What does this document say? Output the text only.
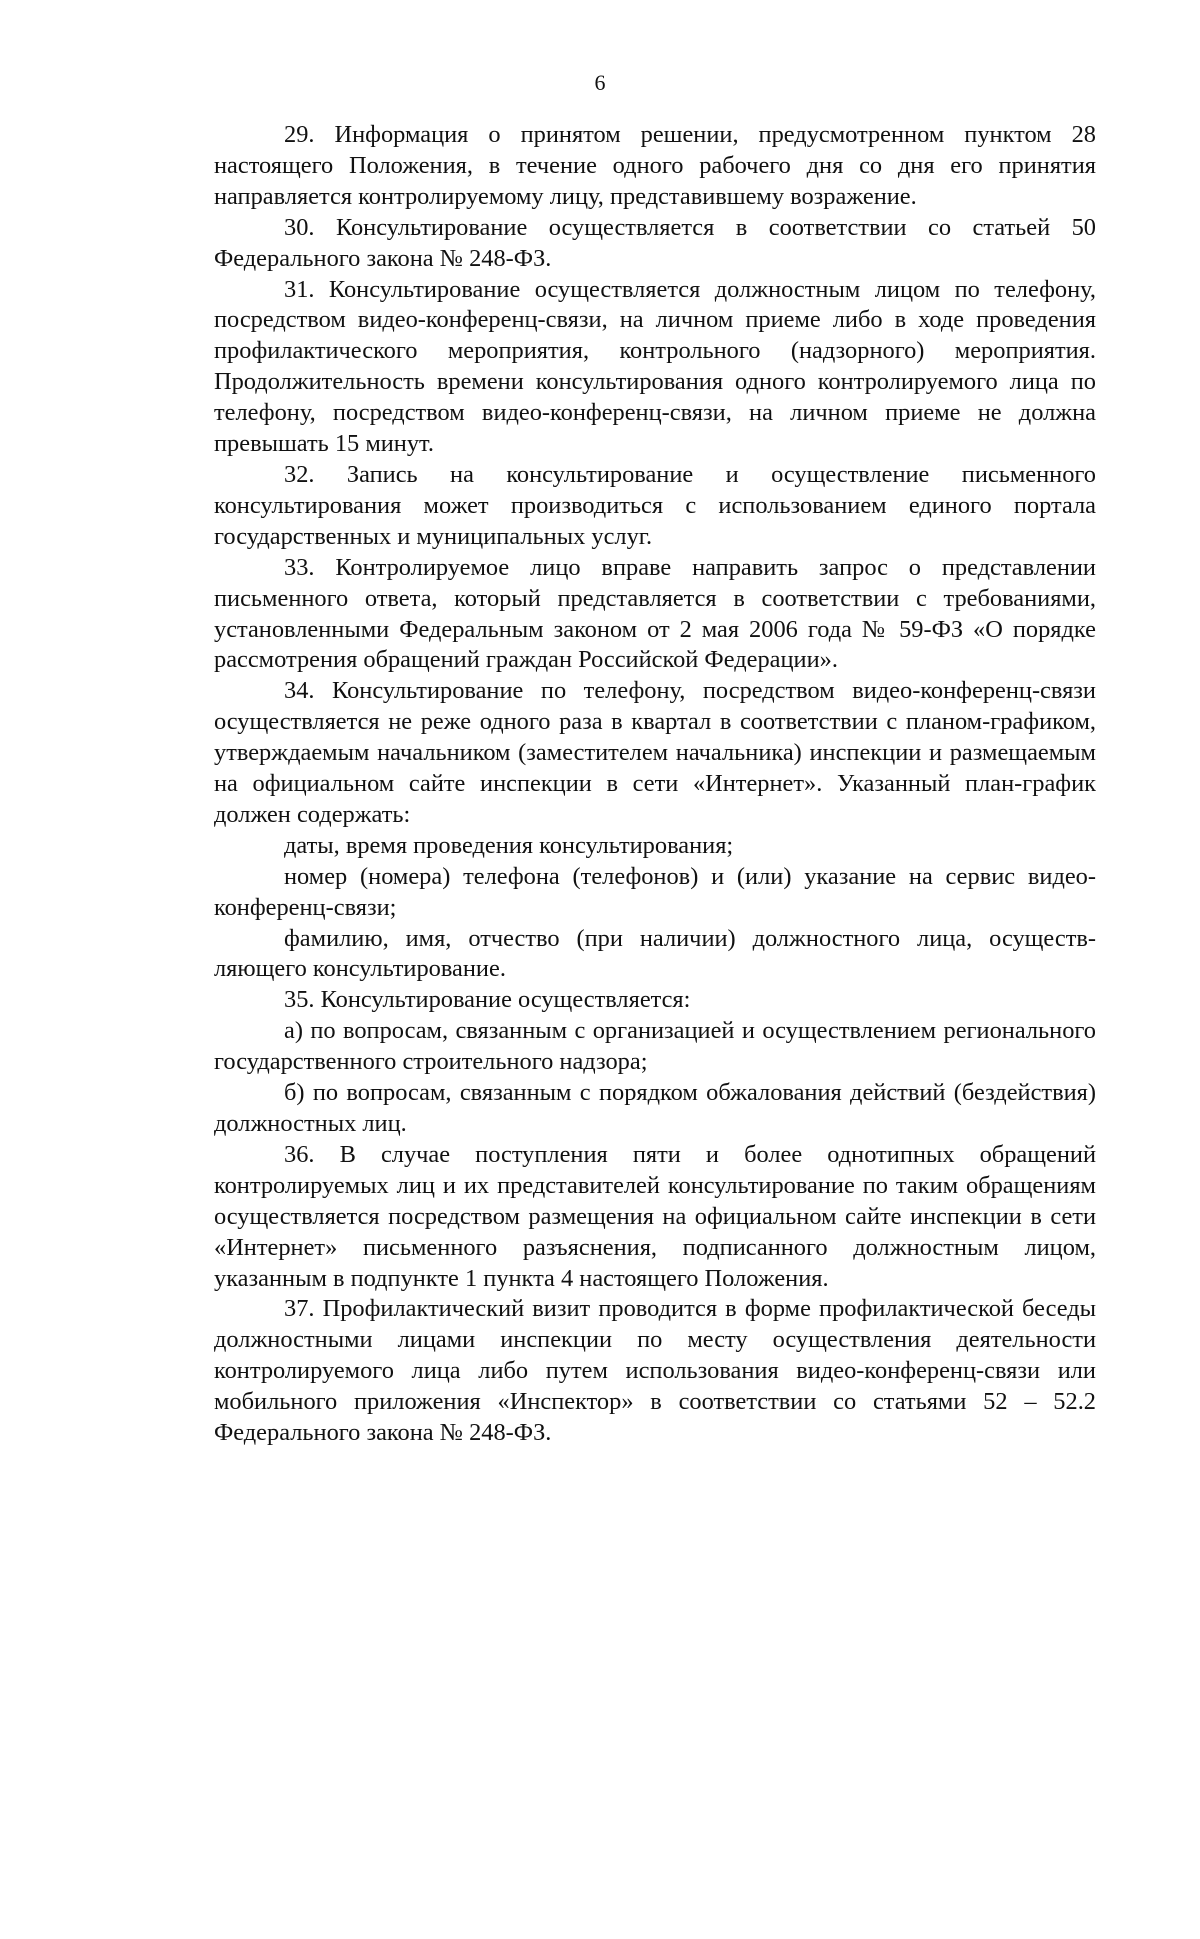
6

29. Информация о принятом решении, предусмотренном пунктом 28 настоящего Положения, в течение одного рабочего дня со дня его принятия направляется контролируемому лицу, представившему возражение.

30. Консультирование осуществляется в соответствии со статьей 50 Федерального закона № 248-ФЗ.

31. Консультирование осуществляется должностным лицом по телефону, посредством видео-конференц-связи, на личном приеме либо в ходе проведения профилактического мероприятия, контрольного (надзорного) мероприятия. Продолжительность времени консультирования одного контролируемого лица по телефону, посредством видео-конференц-связи, на личном приеме не должна превышать 15 минут.

32. Запись на консультирование и осуществление письменного консультирования может производиться с использованием единого портала государственных и муниципальных услуг.

33. Контролируемое лицо вправе направить запрос о представлении письменного ответа, который представляется в соответствии с требованиями, установленными Федеральным законом от 2 мая 2006 года № 59-ФЗ «О порядке рассмотрения обращений граждан Российской Федерации».

34. Консультирование по телефону, посредством видео-конференц-связи осуществляется не реже одного раза в квартал в соответствии с планом-графиком, утверждаемым начальником (заместителем начальника) инспекции и размещаемым на официальном сайте инспекции в сети «Интернет». Указанный план-график должен содержать:

даты, время проведения консультирования;

номер (номера) телефона (телефонов) и (или) указание на сервис видео-конференц-связи;

фамилию, имя, отчество (при наличии) должностного лица, осуществляющего консультирование.

35. Консультирование осуществляется:

а) по вопросам, связанным с организацией и осуществлением регионального государственного строительного надзора;

б) по вопросам, связанным с порядком обжалования действий (бездействия) должностных лиц.

36. В случае поступления пяти и более однотипных обращений контролируемых лиц и их представителей консультирование по таким обращениям осуществляется посредством размещения на официальном сайте инспекции в сети «Интернет» письменного разъяснения, подписанного должностным лицом, указанным в подпункте 1 пункта 4 настоящего Положения.

37. Профилактический визит проводится в форме профилактической беседы должностными лицами инспекции по месту осуществления деятельности контролируемого лица либо путем использования видео-конференц-связи или мобильного приложения «Инспектор» в соответствии со статьями 52 – 52.2 Федерального закона № 248-ФЗ.
